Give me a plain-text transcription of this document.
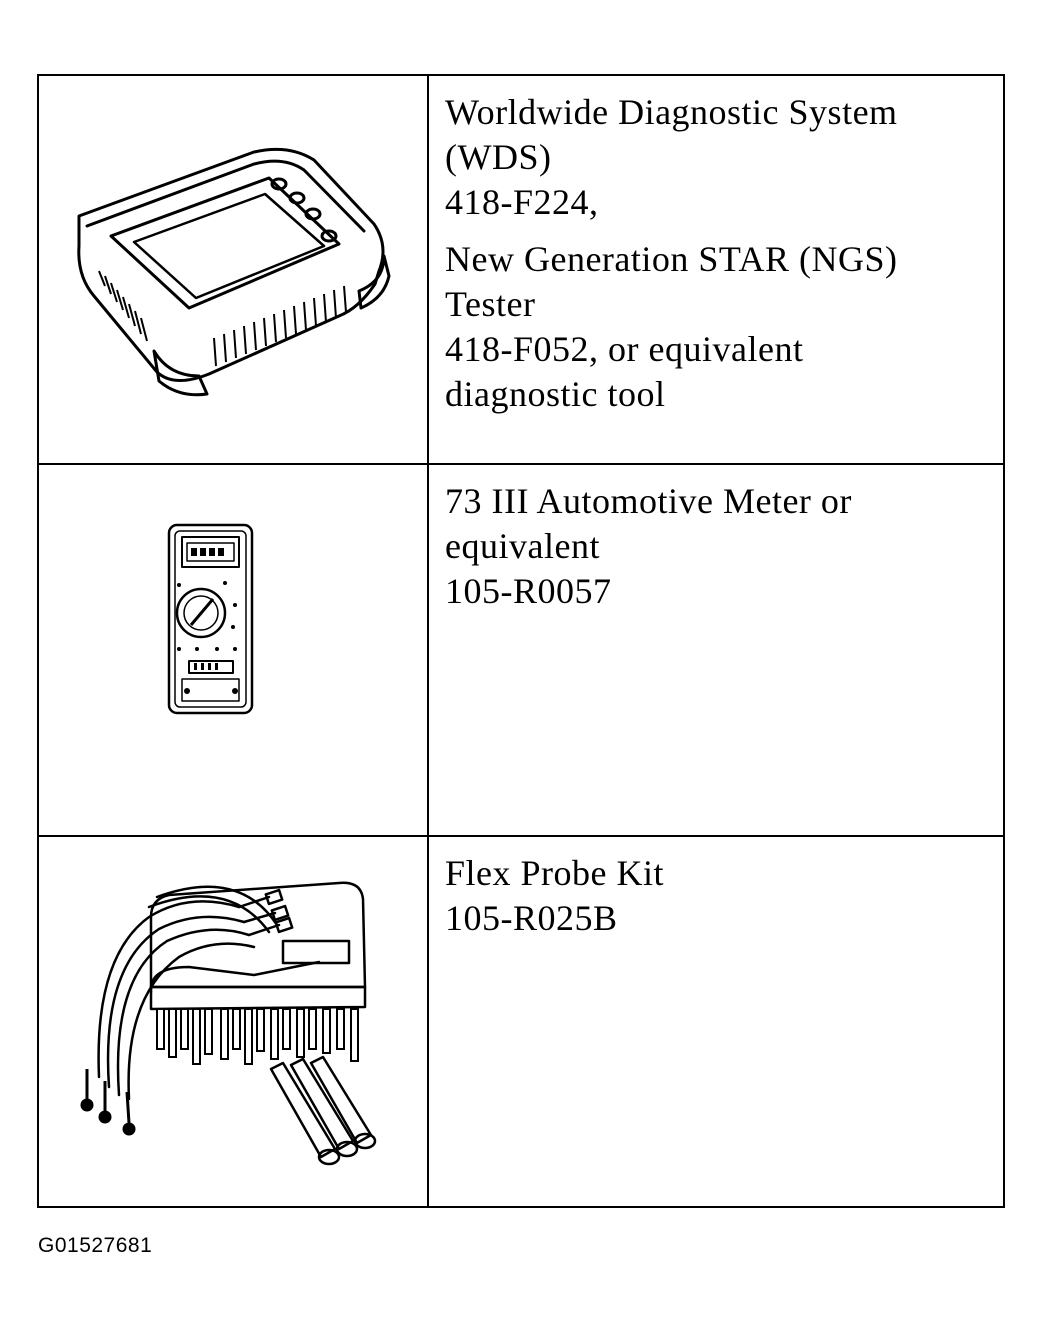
Worldwide Diagnostic System
(WDS)
418-F224,
New Generation STAR (NGS)
Tester
418-F052, or equivalent
diagnostic tool
73 III Automotive Meter or
equivalent
105-R0057
Flex Probe Kit
105-R025B
G01527681
